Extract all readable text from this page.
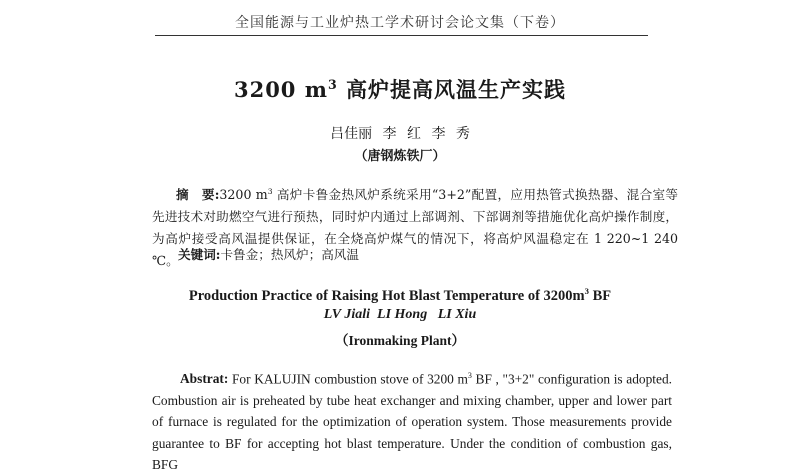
全国能源与工业炉热工学术研讨会论文集（下卷）
3200 $m^3$ 高炉提高风温生产实践
吕佳丽 李 红 李 秀
（唐钢炼铁厂）
摘　要:3200 $m^3$ 高炉卡鲁金热风炉系统采用“3+2”配置，应用热管式换热器、混合室等先进技术对助燃空气进行预热，同时炉内通过上部调剂、下部调剂等措施优化高炉操作制度，为高炉接受高风温提供保证，在全烧高炉煤气的情况下，将高炉风温稳定在 1 220~1 240 ℃。 关键词:卡鲁金；热风炉；高风温
Production Practice of Raising Hot Blast Temperature of $3200m^3$ BF
LV Jiali  LI Hong   LI Xiu
（Ironmaking Plant）
Abstrat: For KALUJIN combustion stove of 3200 $m^3$ BF , "3+2" configuration is adopted. Combustion air is preheated by tube heat exchanger and mixing chamber, upper and lower part of furnace is regulated for the optimization of operation system. Those measurements provide guarantee to BF for accepting hot blast temperature. Under the condition of combustion gas, BFG
